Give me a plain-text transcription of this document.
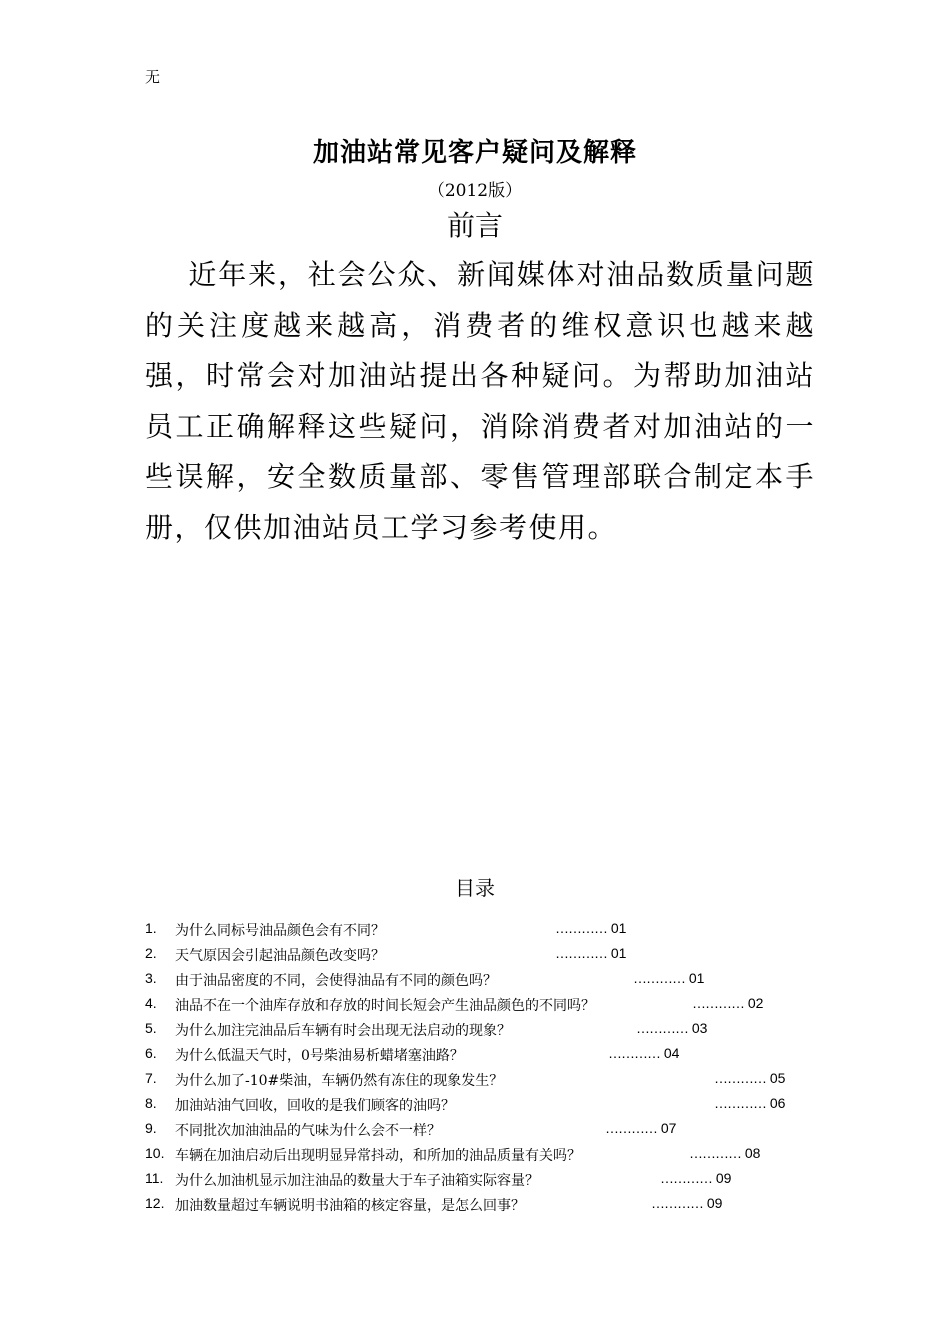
无
加油站常见客户疑问及解释
（2012版）
前言
近年来，社会公众、新闻媒体对油品数质量问题的关注度越来越高，消费者的维权意识也越来越强，时常会对加油站提出各种疑问。为帮助加油站员工正确解释这些疑问，消除消费者对加油站的一些误解，安全数质量部、零售管理部联合制定本手册，仅供加油站员工学习参考使用。
目录
1. 为什么同标号油品颜色会有不同？	………… 01
2. 天气原因会引起油品颜色改变吗？	………… 01
3. 由于油品密度的不同，会使得油品有不同的颜色吗？	………… 01
4. 油品不在一个油库存放和存放的时间长短会产生油品颜色的不同吗？	………… 02
5. 为什么加注完油品后车辆有时会出现无法启动的现象？	………… 03
6. 为什么低温天气时，0号柴油易析蜡堵塞油路？	………… 04
7. 为什么加了-10#柴油，车辆仍然有冻住的现象发生？	………… 05
8. 加油站油气回收，回收的是我们顾客的油吗？	………… 06
9. 不同批次加油油品的气味为什么会不一样？	………… 07
10. 车辆在加油启动后出现明显异常抖动，和所加的油品质量有关吗？	………… 08
11. 为什么加油机显示加注油品的数量大于车子油箱实际容量？	………… 09
12. 加油数量超过车辆说明书油箱的核定容量，是怎么回事？	………… 09
